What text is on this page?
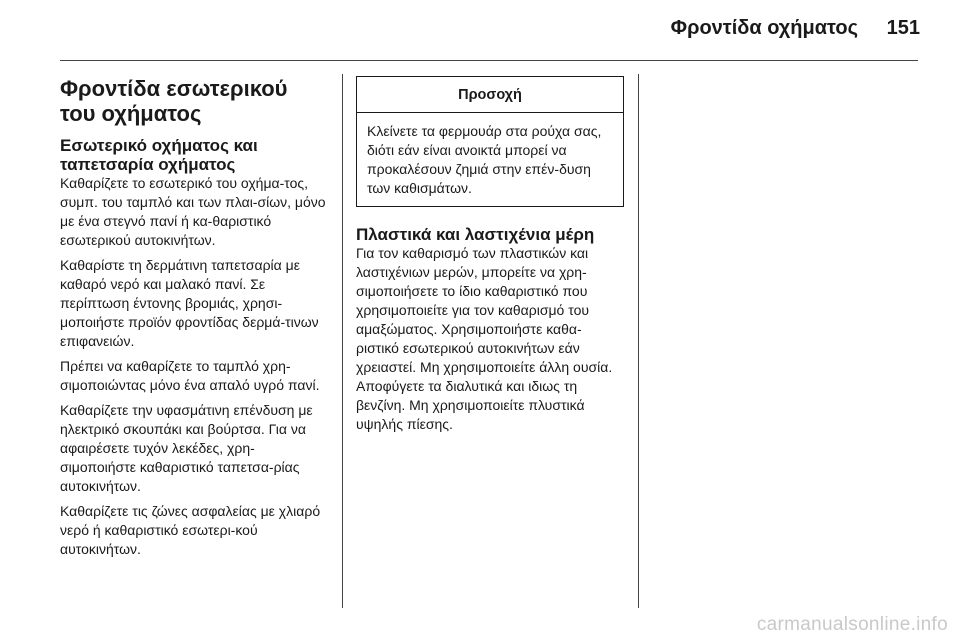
Φροντίδα οχήματος	151
Φροντίδα εσωτερικού του οχήματος
Εσωτερικό οχήματος και ταπετσαρία οχήματος

Καθαρίζετε το εσωτερικό του οχήμα-τος, συμπ. του ταμπλό και των πλαι-σίων, μόνο με ένα στεγνό πανί ή κα-θαριστικό εσωτερικού αυτοκινήτων.

Καθαρίστε τη δερμάτινη ταπετσαρία με καθαρό νερό και μαλακό πανί. Σε περίπτωση έντονης βρομιάς, χρησι-μοποιήστε προϊόν φροντίδας δερμά-τινων επιφανειών.

Πρέπει να καθαρίζετε το ταμπλό χρη-σιμοποιώντας μόνο ένα απαλό υγρό πανί.

Καθαρίζετε την υφασμάτινη επένδυση με ηλεκτρικό σκουπάκι και βούρτσα. Για να αφαιρέσετε τυχόν λεκέδες, χρη-σιμοποιήστε καθαριστικό ταπετσα-ρίας αυτοκινήτων.

Καθαρίζετε τις ζώνες ασφαλείας με χλιαρό νερό ή καθαριστικό εσωτερι-κού αυτοκινήτων.

Προσοχή
Κλείνετε τα φερμουάρ στα ρούχα σας, διότι εάν είναι ανοικτά μπορεί να προκαλέσουν ζημιά στην επέν-δυση των καθισμάτων.
Πλαστικά και λαστιχένια μέρη

Για τον καθαρισμό των πλαστικών και λαστιχένιων μερών, μπορείτε να χρη-σιμοποιήσετε το ίδιο καθαριστικό που χρησιμοποιείτε για τον καθαρισμό του αμαξώματος. Χρησιμοποιήστε καθα-ριστικό εσωτερικού αυτοκινήτων εάν χρειαστεί. Μη χρησιμοποιείτε άλλη ουσία. Αποφύγετε τα διαλυτικά και ιδιως τη βενζίνη. Μη χρησιμοποιείτε πλυστικά υψηλής πίεσης.

carmanualsonline.info
